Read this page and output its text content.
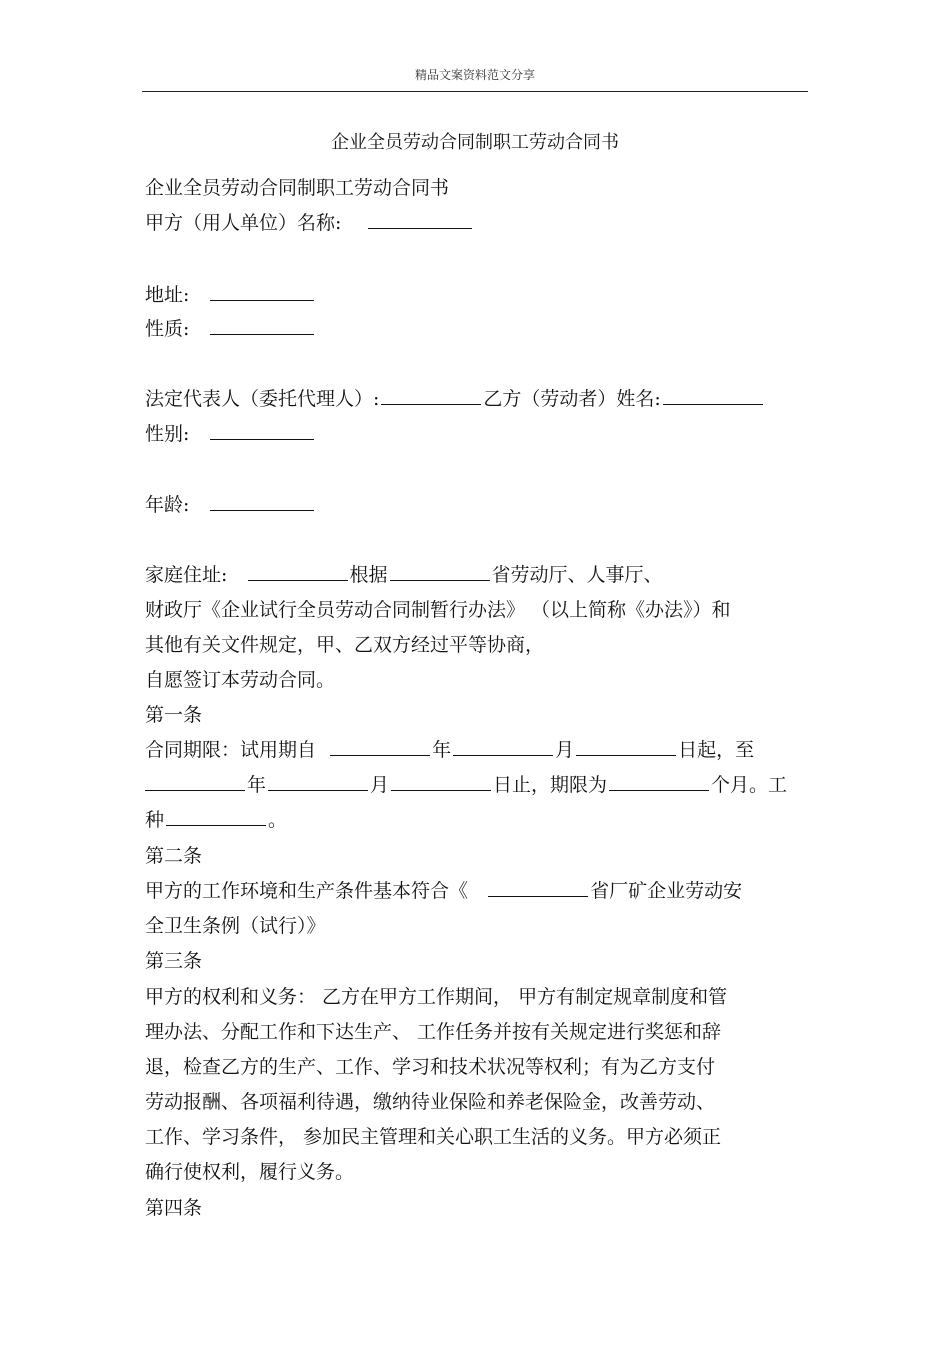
精品文案资料范文分享
企业全员劳动合同制职工劳动合同书
企业全员劳动合同制职工劳动合同书
甲方（用人单位）名称:
地址:
性质:
法定代表人（委托代理人）:	乙方（劳动者）姓名:
性别:
年龄:
家庭住址:	根据	省劳动厅、人事厅、
财政厅《企业试行全员劳动合同制暂行办法》 （以上简称《办法》）和
其他有关文件规定，甲、乙双方经过平等协商，
自愿签订本劳动合同。
第一条
合同期限：试用期自	年	月	日起，至
年	月	日止，期限为	个月。工
种	。
第二条
甲方的工作环境和生产条件基本符合《	省厂矿企业劳动安
全卫生条例（试行）》
第三条
甲方的权利和义务： 乙方在甲方工作期间， 甲方有制定规章制度和管
理办法、分配工作和下达生产、 工作任务并按有关规定进行奖惩和辞
退，检查乙方的生产、工作、学习和技术状况等权利；有为乙方支付
劳动报酬、各项福利待遇，缴纳待业保险和养老保险金，改善劳动、
工作、学习条件， 参加民主管理和关心职工生活的义务。甲方必须正
确行使权利，履行义务。
第四条
